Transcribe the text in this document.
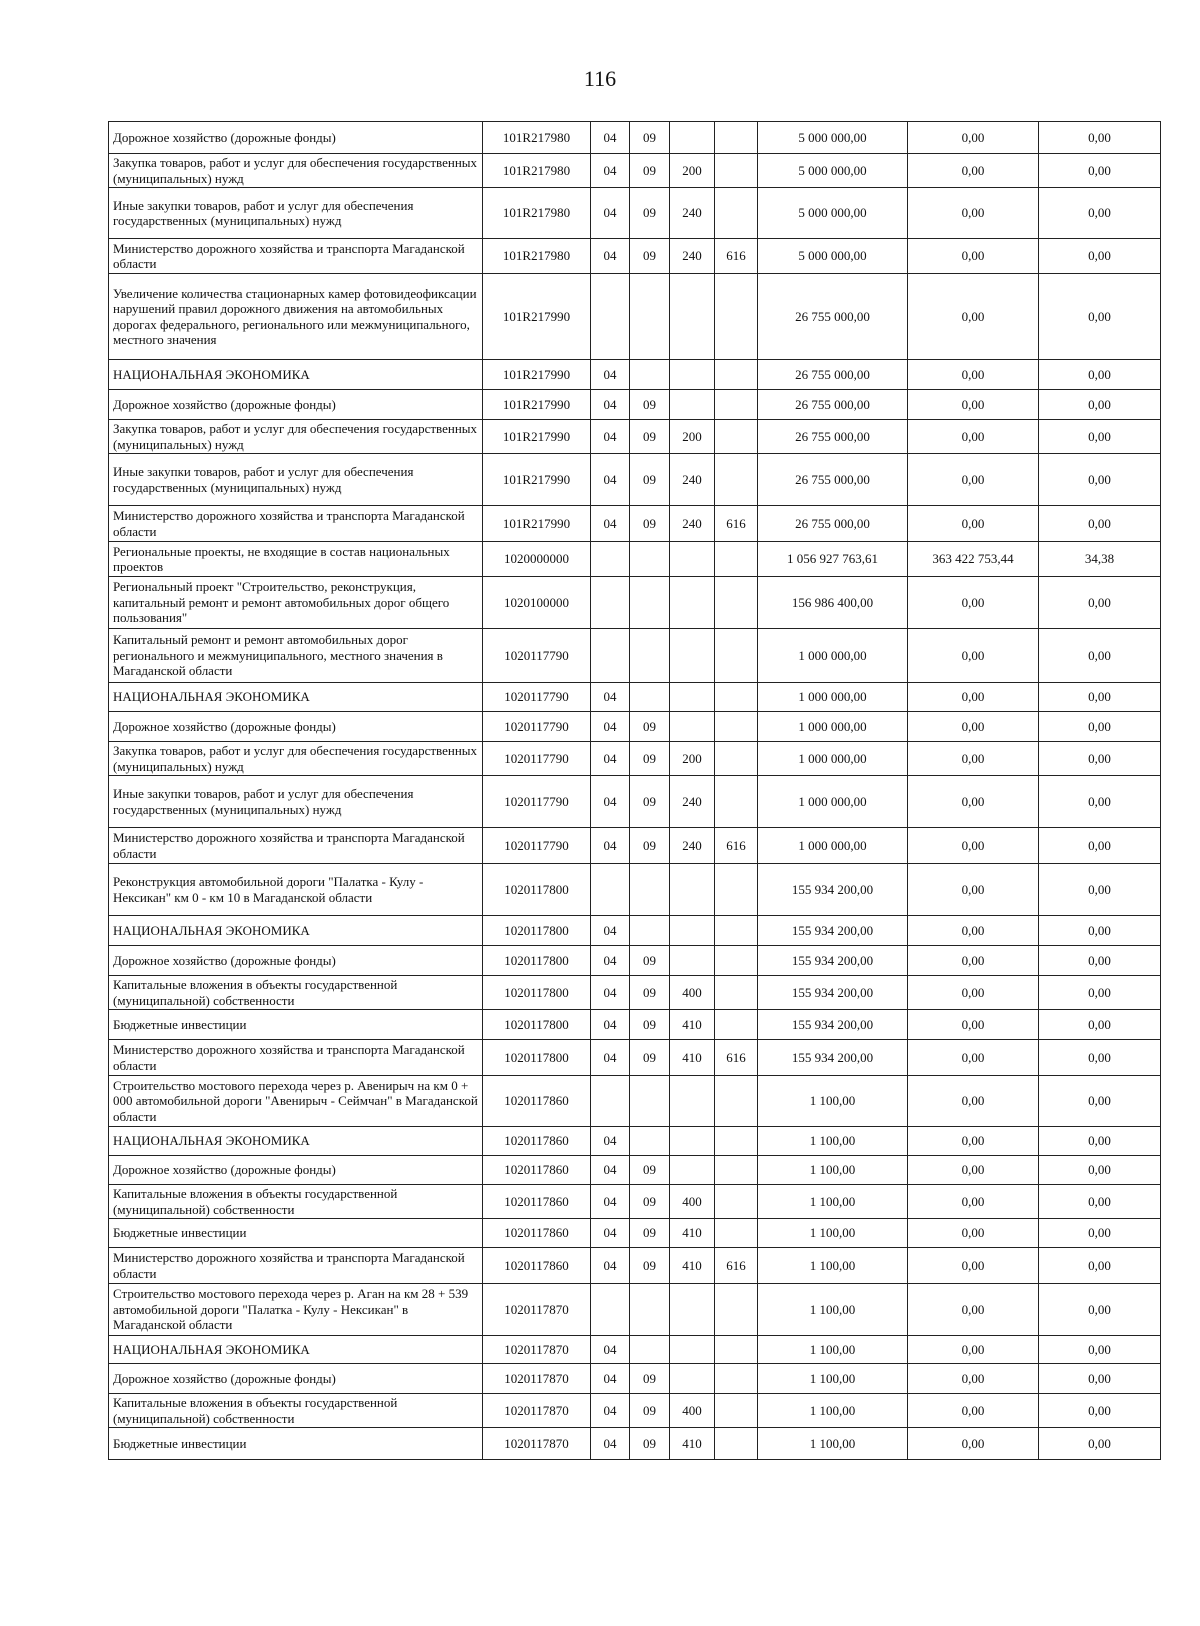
116
Дорожное хозяйство (дорожные фонды)	101R217980	04	09			5 000 000,00	0,00	0,00
Закупка товаров, работ и услуг для обеспечения государственных (муниципальных) нужд	101R217980	04	09	200		5 000 000,00	0,00	0,00
Иные закупки товаров, работ и услуг для обеспечения государственных (муниципальных) нужд	101R217980	04	09	240		5 000 000,00	0,00	0,00
Министерство дорожного хозяйства и транспорта Магаданской области	101R217980	04	09	240	616	5 000 000,00	0,00	0,00
Увеличение количества стационарных камер фотовидеофиксации нарушений правил дорожного движения на автомобильных дорогах федерального, регионального или межмуниципального, местного значения	101R217990					26 755 000,00	0,00	0,00
НАЦИОНАЛЬНАЯ ЭКОНОМИКА	101R217990	04				26 755 000,00	0,00	0,00
Дорожное хозяйство (дорожные фонды)	101R217990	04	09			26 755 000,00	0,00	0,00
Закупка товаров, работ и услуг для обеспечения государственных (муниципальных) нужд	101R217990	04	09	200		26 755 000,00	0,00	0,00
Иные закупки товаров, работ и услуг для обеспечения государственных (муниципальных) нужд	101R217990	04	09	240		26 755 000,00	0,00	0,00
Министерство дорожного хозяйства и транспорта Магаданской области	101R217990	04	09	240	616	26 755 000,00	0,00	0,00
Региональные проекты, не входящие в состав национальных проектов	1020000000					1 056 927 763,61	363 422 753,44	34,38
Региональный проект "Строительство, реконструкция, капитальный ремонт и ремонт автомобильных дорог общего пользования"	1020100000					156 986 400,00	0,00	0,00
Капитальный ремонт и ремонт автомобильных дорог регионального и межмуниципального, местного значения в Магаданской области	1020117790					1 000 000,00	0,00	0,00
НАЦИОНАЛЬНАЯ ЭКОНОМИКА	1020117790	04				1 000 000,00	0,00	0,00
Дорожное хозяйство (дорожные фонды)	1020117790	04	09			1 000 000,00	0,00	0,00
Закупка товаров, работ и услуг для обеспечения государственных (муниципальных) нужд	1020117790	04	09	200		1 000 000,00	0,00	0,00
Иные закупки товаров, работ и услуг для обеспечения государственных (муниципальных) нужд	1020117790	04	09	240		1 000 000,00	0,00	0,00
Министерство дорожного хозяйства и транспорта Магаданской области	1020117790	04	09	240	616	1 000 000,00	0,00	0,00
Реконструкция автомобильной дороги "Палатка - Кулу - Нексикан" км 0 - км 10 в Магаданской области	1020117800					155 934 200,00	0,00	0,00
НАЦИОНАЛЬНАЯ ЭКОНОМИКА	1020117800	04				155 934 200,00	0,00	0,00
Дорожное хозяйство (дорожные фонды)	1020117800	04	09			155 934 200,00	0,00	0,00
Капитальные вложения в объекты государственной (муниципальной) собственности	1020117800	04	09	400		155 934 200,00	0,00	0,00
Бюджетные инвестиции	1020117800	04	09	410		155 934 200,00	0,00	0,00
Министерство дорожного хозяйства и транспорта Магаданской области	1020117800	04	09	410	616	155 934 200,00	0,00	0,00
Строительство мостового перехода через р. Авенирыч на км 0 + 000 автомобильной дороги "Авенирыч - Сеймчан" в Магаданской области	1020117860					1 100,00	0,00	0,00
НАЦИОНАЛЬНАЯ ЭКОНОМИКА	1020117860	04				1 100,00	0,00	0,00
Дорожное хозяйство (дорожные фонды)	1020117860	04	09			1 100,00	0,00	0,00
Капитальные вложения в объекты государственной (муниципальной) собственности	1020117860	04	09	400		1 100,00	0,00	0,00
Бюджетные инвестиции	1020117860	04	09	410		1 100,00	0,00	0,00
Министерство дорожного хозяйства и транспорта Магаданской области	1020117860	04	09	410	616	1 100,00	0,00	0,00
Строительство мостового перехода через р. Аган на км 28 + 539 автомобильной дороги "Палатка - Кулу - Нексикан" в Магаданской области	1020117870					1 100,00	0,00	0,00
НАЦИОНАЛЬНАЯ ЭКОНОМИКА	1020117870	04				1 100,00	0,00	0,00
Дорожное хозяйство (дорожные фонды)	1020117870	04	09			1 100,00	0,00	0,00
Капитальные вложения в объекты государственной (муниципальной) собственности	1020117870	04	09	400		1 100,00	0,00	0,00
Бюджетные инвестиции	1020117870	04	09	410		1 100,00	0,00	0,00
